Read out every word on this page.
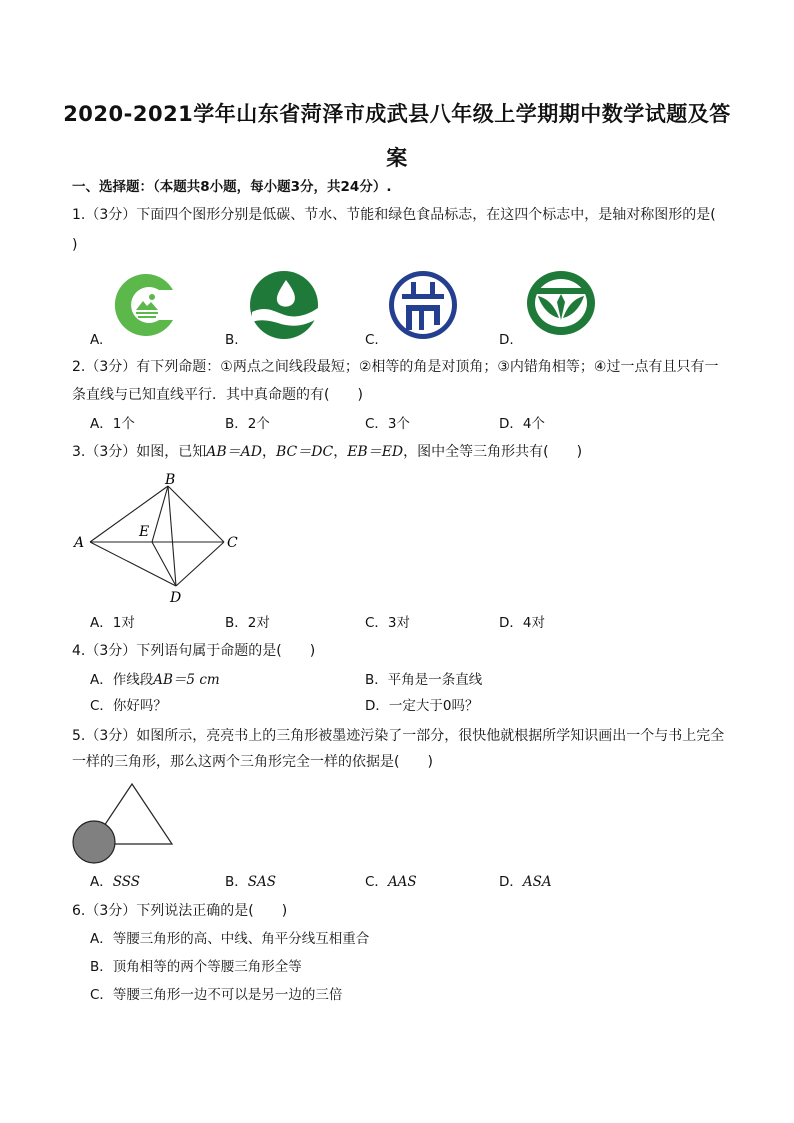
2020-2021学年山东省菏泽市成武县八年级上学期期中数学试题及答
案
一、选择题：（本题共8小题，每小题3分，共24分）.
1.（3分）下面四个图形分别是低碳、节水、节能和绿色食品标志，在这四个标志中，是轴对称图形的是(
)
A.	B.	C.	D.
2.（3分）有下列命题：①两点之间线段最短；②相等的角是对顶角；③内错角相等；④过一点有且只有一
条直线与已知直线平行．其中真命题的有(　　)
A．1个	B．2个	C．3个	D．4个
3.（3分）如图，已知AB＝AD，BC＝DC，EB＝ED，图中全等三角形共有(　　)
A
B
C
D
E
A．1对	B．2对	C．3对	D．4对
4.（3分）下列语句属于命题的是(　　)
A．作线段AB＝5 cm	B．平角是一条直线
C．你好吗？	D．一定大于0吗？
5.（3分）如图所示，亮亮书上的三角形被墨迹污染了一部分，很快他就根据所学知识画出一个与书上完全
一样的三角形，那么这两个三角形完全一样的依据是(　　)
A．SSS	B．SAS	C．AAS	D．ASA
6.（3分）下列说法正确的是(　　)
A．等腰三角形的高、中线、角平分线互相重合
B．顶角相等的两个等腰三角形全等
C．等腰三角形一边不可以是另一边的三倍
